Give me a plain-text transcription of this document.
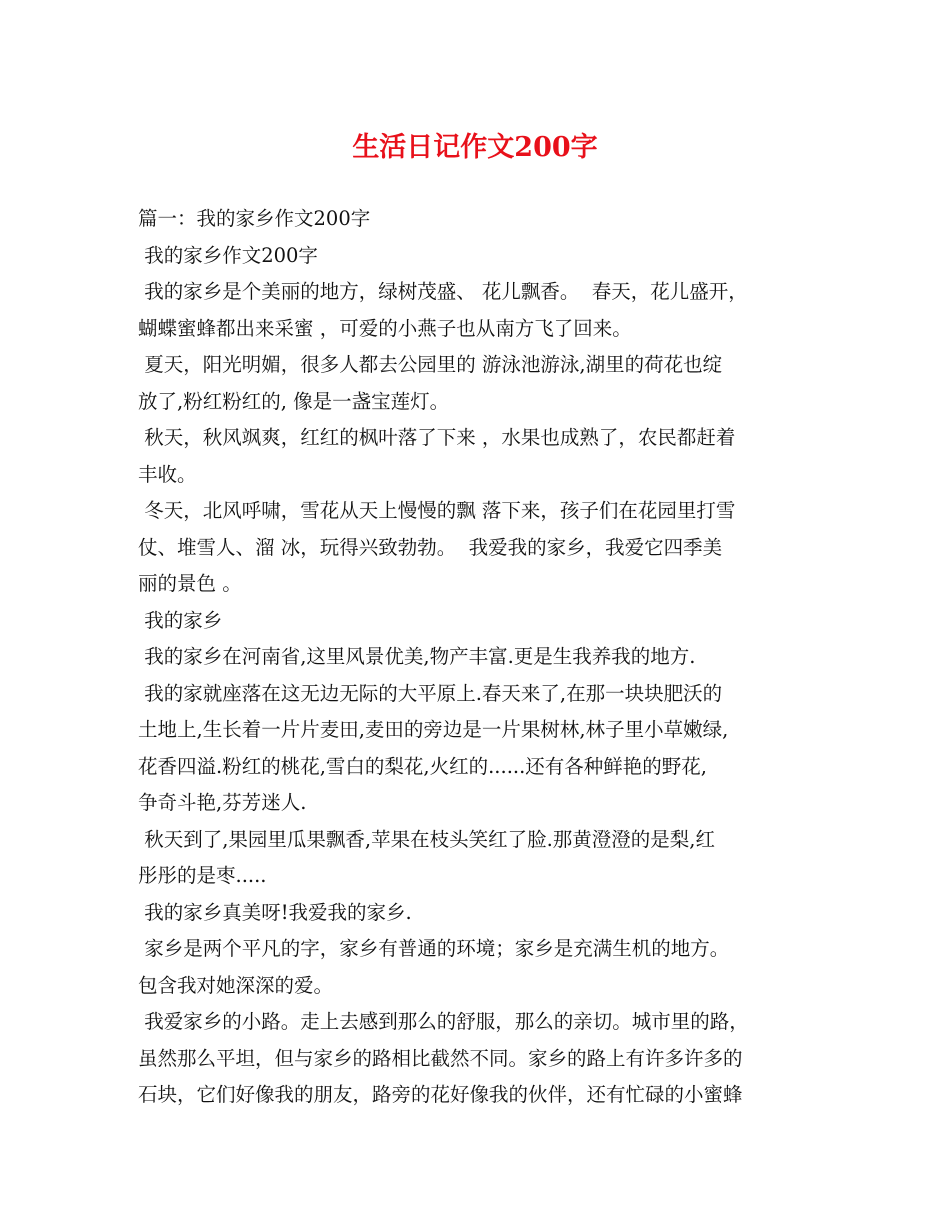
生活日记作文200字

篇一：我的家乡作文200字

我的家乡作文200字

我的家乡是个美丽的地方，绿树茂盛、 花儿飘香。  春天，花儿盛开，

蝴蝶蜜蜂都出来采蜜 ，可爱的小燕子也从南方飞了回来。

夏天，阳光明媚，很多人都去公园里的 游泳池游泳,湖里的荷花也绽

放了,粉红粉红的, 像是一盏宝莲灯。

秋天，秋风飒爽，红红的枫叶落了下来 ，水果也成熟了，农民都赶着

丰收。

冬天，北风呼啸，雪花从天上慢慢的飘 落下来，孩子们在花园里打雪

仗、堆雪人、溜 冰，玩得兴致勃勃。  我爱我的家乡，我爱它四季美

丽的景色 。

我的家乡

我的家乡在河南省,这里风景优美,物产丰富.更是生我养我的地方.

我的家就座落在这无边无际的大平原上.春天来了,在那一块块肥沃的

土地上,生长着一片片麦田,麦田的旁边是一片果树林,林子里小草嫩绿,

花香四溢.粉红的桃花,雪白的梨花,火红的......还有各种鲜艳的野花,

争奇斗艳,芬芳迷人.

秋天到了,果园里瓜果飘香,苹果在枝头笑红了脸.那黄澄澄的是梨,红

彤彤的是枣.....

我的家乡真美呀!我爱我的家乡.

家乡是两个平凡的字，家乡有普通的环境；家乡是充满生机的地方。

包含我对她深深的爱。

我爱家乡的小路。走上去感到那么的舒服，那么的亲切。城市里的路，

虽然那么平坦，但与家乡的路相比截然不同。家乡的路上有许多许多的

石块，它们好像我的朋友，路旁的花好像我的伙伴，还有忙碌的小蜜蜂
